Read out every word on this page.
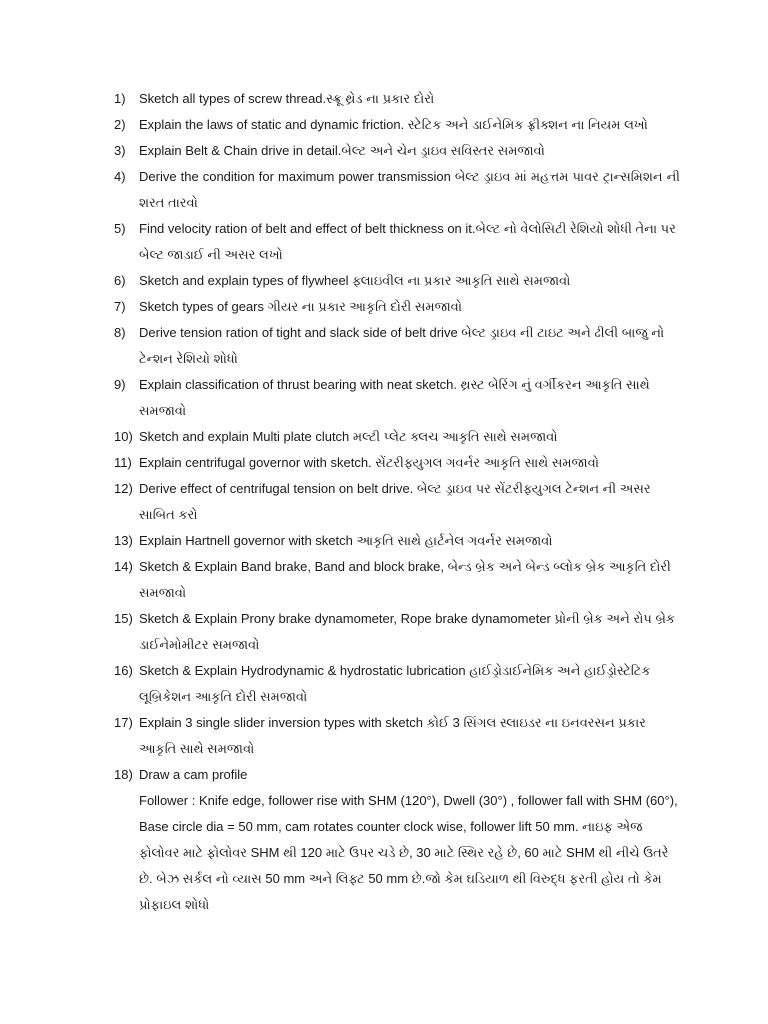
1)	Sketch all types of screw thread.સ્ક્રૂ થ્રેડ ના પ્રકાર દોરો
2)	Explain the laws of static and dynamic friction. સ્ટેટિક અને ડાઈનેમિક ફ્રીક્શન ના નિયમ લખો
3)	Explain Belt & Chain drive in detail.બેલ્ટ અને ચેન ડ્રાઇવ સવિસ્તર સમજાવો
4)	Derive the condition for maximum power transmission બેલ્ટ ડ્રાઇવ માં મહત્તમ પાવર ટ્રાન્સમિશન ની શરત તારવો
5)	Find velocity ration of belt and effect of belt thickness on it.બેલ્ટ નો વેલોસિટી રેશિયો શોધી તેના પર બેલ્ટ જાડાઈ ની અસર લખો
6)	Sketch and explain types of flywheel ફ્લાઇવીલ ના પ્રકાર આકૃતિ સાથે સમજાવો
7)	Sketch types of gears ગીયર ના પ્રકાર આકૃતિ દોરી સમજાવો
8)	Derive tension ration of tight and slack side of belt drive બેલ્ટ ડ્રાઇવ ની ટાઇટ અને ઢીલી બાજુ નો ટેન્શન રેશિયો શોધો
9)	Explain classification of thrust bearing with neat sketch. થ્રસ્ટ બેરિંગ નું વર્ગીકરન આકૃતિ સાથે સમજાવો
10) Sketch and explain Multi plate clutch મલ્ટી પ્લેટ ક્લચ આકૃતિ સાથે સમજાવો
11) Explain centrifugal governor with sketch. સેંટરીફ્યુગલ ગવર્નર આકૃતિ સાથે સમજાવો
12) Derive effect of centrifugal tension on belt drive. બેલ્ટ ડ્રાઇવ પર સેંટરીફ્યુગલ ટેન્શન ની અસર સાબિત કરો
13) Explain Hartnell governor with sketch આકૃતિ સાથે હાર્ટનેલ ગવર્નર સમજાવો
14) Sketch & Explain Band brake, Band and block brake, બેન્ડ બ્રેક અને બેન્ડ બ્લોક બ્રેક આકૃતિ દોરી સમજાવો
15) Sketch & Explain Prony brake dynamometer, Rope brake dynamometer પ્રોની બ્રેક અને રોપ બ્રેક ડાઈનેમોમીટર સમજાવો
16) Sketch & Explain Hydrodynamic & hydrostatic lubrication હાઈડ્રોડાઈનેમિક અને હાઈડ્રોસ્ટેટિક લૂબ્રિકેશન આકૃતિ દોરી સમજાવો
17) Explain 3 single slider inversion types with sketch કોઈ 3 સિંગલ સ્લાઇડર ના ઇનવરસન પ્રકાર આકૃતિ સાથે સમજાવો
18) Draw a cam profile

Follower : Knife edge, follower rise with SHM (120°), Dwell (30°) , follower fall with SHM (60°), Base circle dia = 50 mm, cam rotates counter clock wise, follower lift 50 mm. નાઇફ એજ ફોલોવર માટે ફોલોવર SHM થી 120 માટે ઉપર ચડે છે, 30 માટે સ્થિર રહે છે, 60 માટે SHM થી નીચે ઉતરે છે. બેઝ સર્કલ નો વ્યાસ 50 mm અને લિફ્ટ 50 mm છે.જો કેમ ઘડિયાળ થી વિરુદ્ધ ફરતી હોય તો કેમ પ્રોફાઇલ શોધો
